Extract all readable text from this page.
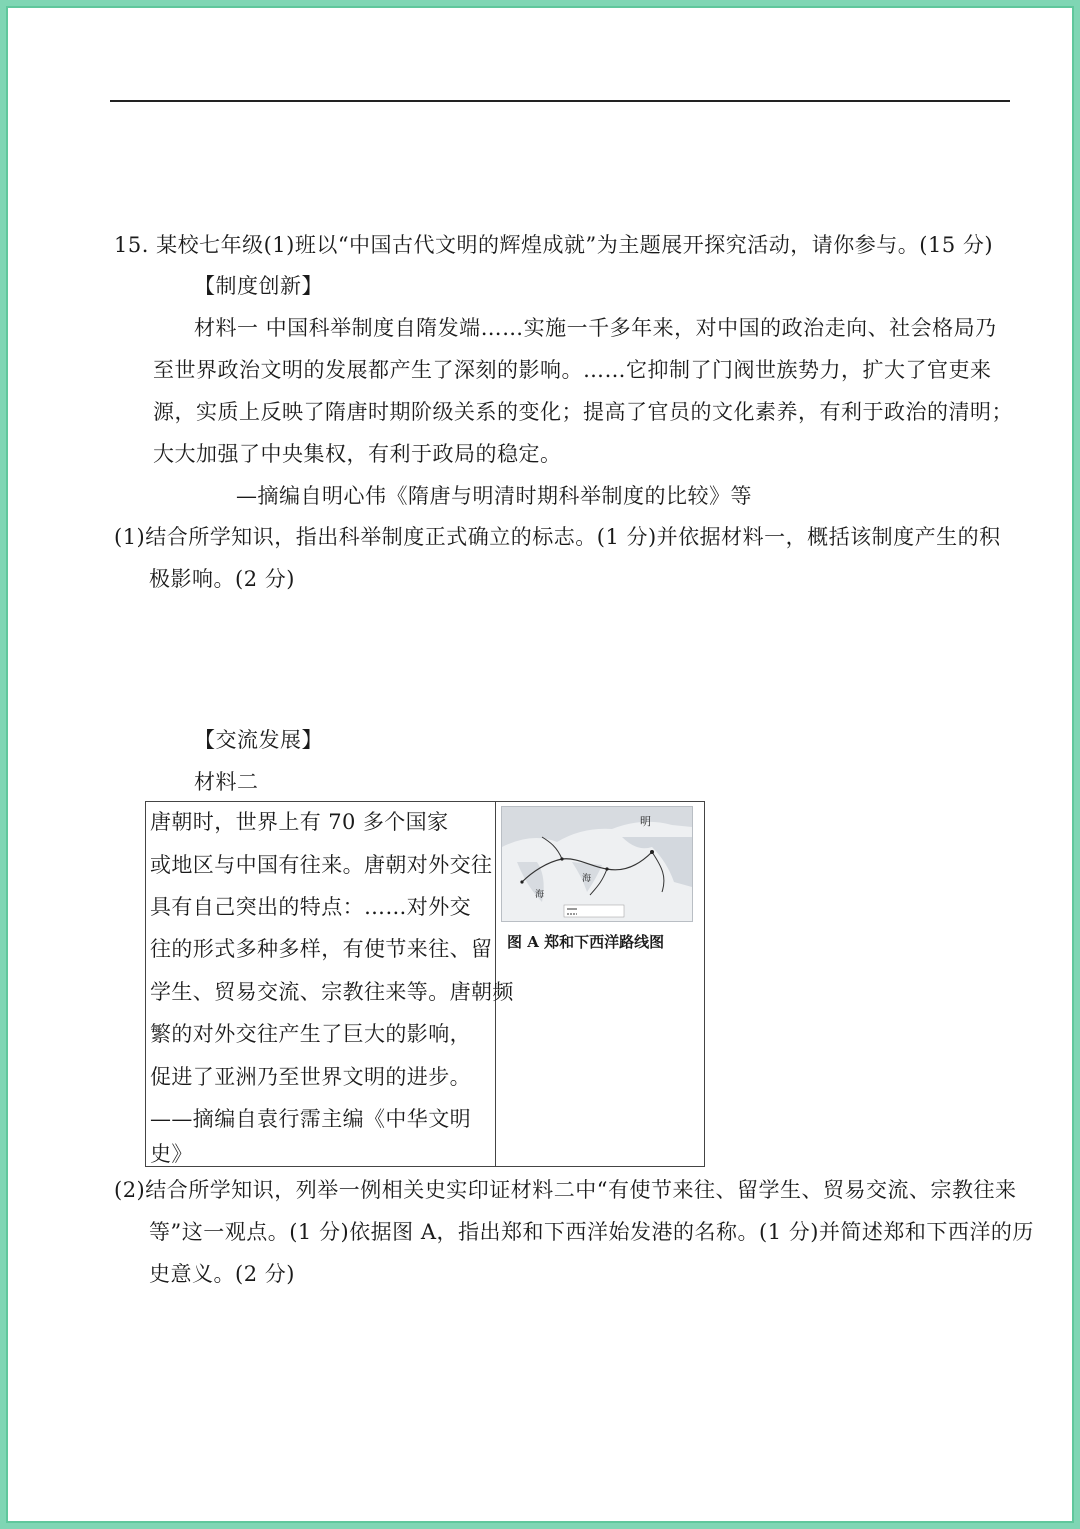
15. 某校七年级(1)班以“中国古代文明的辉煌成就”为主题展开探究活动，请你参与。(15 分)
【制度创新】
材料一 中国科举制度自隋发端……实施一千多年来，对中国的政治走向、社会格局乃
至世界政治文明的发展都产生了深刻的影响。……它抑制了门阀世族势力，扩大了官吏来
源，实质上反映了隋唐时期阶级关系的变化；提高了官员的文化素养，有利于政治的清明；
大大加强了中央集权，有利于政局的稳定。
—摘编自明心伟《隋唐与明清时期科举制度的比较》等
(1)结合所学知识，指出科举制度正式确立的标志。(1 分)并依据材料一，概括该制度产生的积
极影响。(2 分)
【交流发展】
材料二
唐朝时，世界上有 70 多个国家
或地区与中国有往来。唐朝对外交往
具有自己突出的特点：……对外交
往的形式多种多样，有使节来往、留
学生、贸易交流、宗教往来等。唐朝频
繁的对外交往产生了巨大的影响，
促进了亚洲乃至世界文明的进步。
——摘编自袁行霈主编《中华文明
史》
明
海
海
图 A 郑和下西洋路线图
(2)结合所学知识，列举一例相关史实印证材料二中“有使节来往、留学生、贸易交流、宗教往来
等”这一观点。(1 分)依据图 A，指出郑和下西洋始发港的名称。(1 分)并简述郑和下西洋的历
史意义。(2 分)
